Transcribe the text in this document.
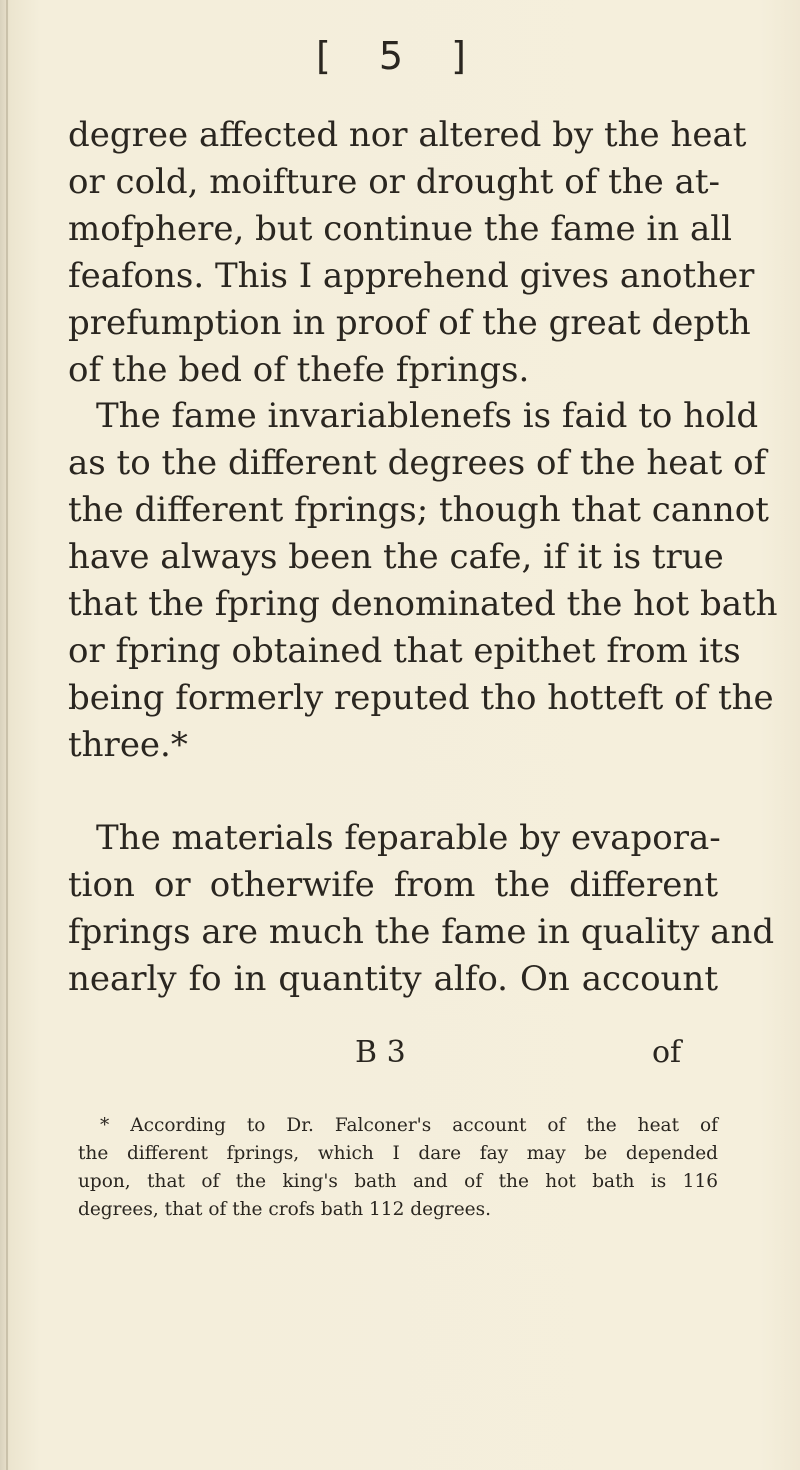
[ 5 ]
degree affected nor altered by the heat
or cold, moifture or drought of the at-
mofphere, but continue the fame in all
feafons. This I apprehend gives another
prefumption in proof of the great depth
of the bed of thefe fprings.
The fame invariablenefs is faid to hold
as to the different degrees of the heat of
the different fprings; though that cannot
have always been the cafe, if it is true
that the fpring denominated the hot bath
or fpring obtained that epithet from its
being formerly reputed tho hotteft of the
three.*
The materials feparable by evapora-
tion or otherwife from the different
fprings are much the fame in quality and
nearly fo in quantity alfo. On account
B 3	of
* According to Dr. Falconer's account of the heat of
the different fprings, which I dare fay may be depended
upon, that of the king's bath and of the hot bath is 116
degrees, that of the crofs bath 112 degrees.
